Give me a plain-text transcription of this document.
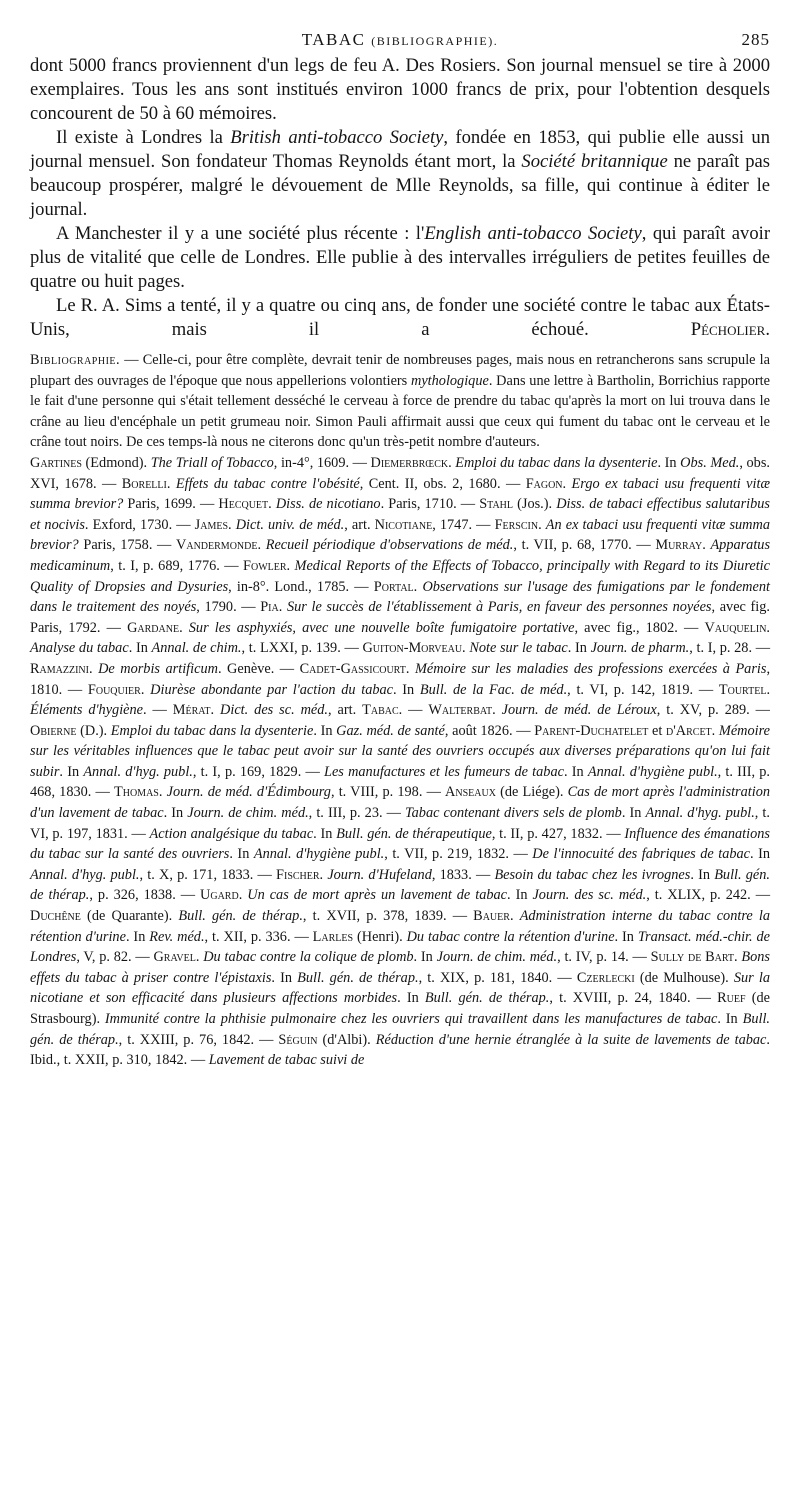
TABAC (BIBLIOGRAPHIE).	285

dont 5000 francs proviennent d'un legs de feu A. Des Rosiers. Son journal mensuel se tire à 2000 exemplaires. Tous les ans sont institués environ 1000 francs de prix, pour l'obtention desquels concourent de 50 à 60 mémoires.

Il existe à Londres la British anti-tobacco Society, fondée en 1853, qui publie elle aussi un journal mensuel. Son fondateur Thomas Reynolds étant mort, la Société britannique ne paraît pas beaucoup prospérer, malgré le dévouement de Mlle Reynolds, sa fille, qui continue à éditer le journal.

A Manchester il y a une société plus récente : l'English anti-tobacco Society, qui paraît avoir plus de vitalité que celle de Londres. Elle publie à des intervalles irréguliers de petites feuilles de quatre ou huit pages.

Le R. A. Sims a tenté, il y a quatre ou cinq ans, de fonder une société contre le tabac aux États-Unis, mais il a échoué.	Pécholier.

Bibliographie. — Celle-ci, pour être complète, devrait tenir de nombreuses pages, mais nous en retrancherons sans scrupule la plupart des ouvrages de l'époque que nous appellerions volontiers mythologique. Dans une lettre à Bartholin, Borrichius rapporte le fait d'une personne qui s'était tellement desséché le cerveau à force de prendre du tabac qu'après la mort on lui trouva dans le crâne au lieu d'encéphale un petit grumeau noir. Simon Pauli affirmait aussi que ceux qui fument du tabac ont le cerveau et le crâne tout noirs. De ces temps-là nous ne citerons donc qu'un très-petit nombre d'auteurs.

Gartines (Edmond). The Triall of Tobacco, in-4°, 1609. — Diemerbrœck. Emploi du tabac dans la dysenterie. In Obs. Med., obs. XVI, 1678. — Borelli. Effets du tabac contre l'obésité, Cent. II, obs. 2, 1680. — Fagon. Ergo ex tabaci usu frequenti vitæ summa brevior? Paris, 1699. — Hecquet. Diss. de nicotiano. Paris, 1710. — Stahl (Jos.). Diss. de tabaci effectibus salutaribus et nocivis. Exford, 1730. — James. Dict. univ. de méd., art. Nicotiane, 1747. — Ferscin. An ex tabaci usu frequenti vitæ summa brevior? Paris, 1758. — Vandermonde. Recueil périodique d'observations de méd., t. VII, p. 68, 1770. — Murray. Apparatus medicaminum, t. I, p. 689, 1776. — Fowler. Medical Reports of the Effects of Tobacco, principally with Regard to its Diuretic Quality of Dropsies and Dysuries, in-8°. Lond., 1785. — Portal. Observations sur l'usage des fumigations par le fondement dans le traitement des noyés, 1790. — Pia. Sur le succès de l'établissement à Paris, en faveur des personnes noyées, avec fig. Paris, 1792. — Gardane. Sur les asphyxiés, avec une nouvelle boîte fumigatoire portative, avec fig., 1802. — Vauquelin. Analyse du tabac. In Annal. de chim., t. LXXI, p. 139. — Guiton-Morveau. Note sur le tabac. In Journ. de pharm., t. I, p. 28. — Ramazzini. De morbis artificum. Genève. — Cadet-Gassicourt. Mémoire sur les maladies des professions exercées à Paris, 1810. — Fouquier. Diurèse abondante par l'action du tabac. In Bull. de la Fac. de méd., t. VI, p. 142, 1819. — Tourtel. Éléments d'hygiène. — Mérat. Dict. des sc. méd., art. Tabac. — Walterbat. Journ. de méd. de Léroux, t. XV, p. 289. — Obierne (D.). Emploi du tabac dans la dysenterie. In Gaz. méd. de santé, août 1826. — Parent-Duchatelet et d'Arcet. Mémoire sur les véritables influences que le tabac peut avoir sur la santé des ouvriers occupés aux diverses préparations qu'on lui fait subir. In Annal. d'hyg. publ., t. I, p. 169, 1829. — Les manufactures et les fumeurs de tabac. In Annal. d'hygiène publ., t. III, p. 468, 1830. — Thomas. Journ. de méd. d'Édimbourg, t. VIII, p. 198. — Anseaux (de Liége). Cas de mort après l'administration d'un lavement de tabac. In Journ. de chim. méd., t. III, p. 23. — Tabac contenant divers sels de plomb. In Annal. d'hyg. publ., t. VI, p. 197, 1831. — Action analgésique du tabac. In Bull. gén. de thérapeutique, t. II, p. 427, 1832. — Influence des émanations du tabac sur la santé des ouvriers. In Annal. d'hygiène publ., t. VII, p. 219, 1832. — De l'innocuité des fabriques de tabac. In Annal. d'hyg. publ., t. X, p. 171, 1833. — Fischer. Journ. d'Hufeland, 1833. — Besoin du tabac chez les ivrognes. In Bull. gén. de thérap., p. 326, 1838. — Ugard. Un cas de mort après un lavement de tabac. In Journ. des sc. méd., t. XLIX, p. 242. — Duchêne (de Quarante). Bull. gén. de thérap., t. XVII, p. 378, 1839. — Bauer. Administration interne du tabac contre la rétention d'urine. In Rev. méd., t. XII, p. 336. — Larles (Henri). Du tabac contre la rétention d'urine. In Transact. méd.-chir. de Londres, V, p. 82. — Gravel. Du tabac contre la colique de plomb. In Journ. de chim. méd., t. IV, p. 14. — Sully de Bart. Bons effets du tabac à priser contre l'épistaxis. In Bull. gén. de thérap., t. XIX, p. 181, 1840. — Czerlecki (de Mulhouse). Sur la nicotiane et son efficacité dans plusieurs affections morbides. In Bull. gén. de thérap., t. XVIII, p. 24, 1840. — Ruef (de Strasbourg). Immunité contre la phthisie pulmonaire chez les ouvriers qui travaillent dans les manufactures de tabac. In Bull. gén. de thérap., t. XXIII, p. 76, 1842. — Séguin (d'Albi). Réduction d'une hernie étranglée à la suite de lavements de tabac. Ibid., t. XXII, p. 310, 1842. — Lavement de tabac suivi de
